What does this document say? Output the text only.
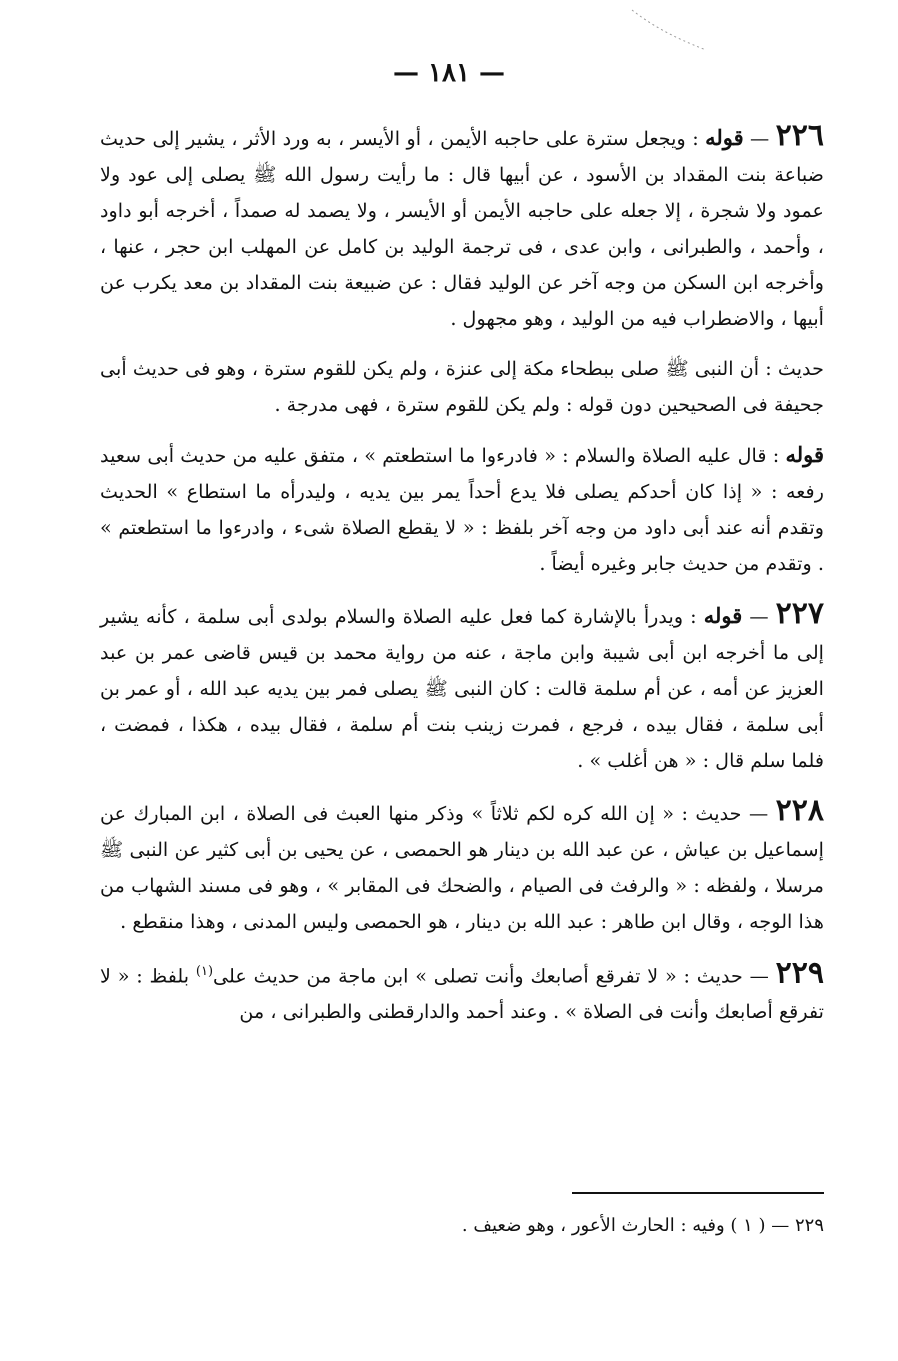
— ١٨١ —

٢٢٦ — قوله : ويجعل سترة على حاجبه الأيمن ، أو الأيسر ، به ورد الأثر ، يشير إلى حديث ضباعة بنت المقداد بن الأسود ، عن أبيها قال : ما رأيت رسول الله ﷺ يصلى إلى عود ولا عمود ولا شجرة ، إلا جعله على حاجبه الأيمن أو الأيسر ، ولا يصمد له صمداً ، أخرجه أبو داود ، وأحمد ، والطبرانى ، وابن عدى ، فى ترجمة الوليد بن كامل عن المهلب ابن حجر ، عنها ، وأخرجه ابن السكن من وجه آخر عن الوليد فقال : عن ضبيعة بنت المقداد بن معد يكرب عن أبيها ، والاضطراب فيه من الوليد ، وهو مجهول .

حديث : أن النبى ﷺ صلى ببطحاء مكة إلى عنزة ، ولم يكن للقوم سترة ، وهو فى حديث أبى جحيفة فى الصحيحين دون قوله : ولم يكن للقوم سترة ، فهى مدرجة .

قوله : قال عليه الصلاة والسلام : « فادرءوا ما استطعتم » ، متفق عليه من حديث أبى سعيد رفعه : « إذا كان أحدكم يصلى فلا يدع أحداً يمر بين يديه ، وليدرأه ما استطاع » الحديث وتقدم أنه عند أبى داود من وجه آخر بلفظ : « لا يقطع الصلاة شىء ، وادرءوا ما استطعتم » . وتقدم من حديث جابر وغيره أيضاً .

٢٢٧ — قوله : ويدرأ بالإشارة كما فعل عليه الصلاة والسلام بولدى أبى سلمة ، كأنه يشير إلى ما أخرجه ابن أبى شيبة وابن ماجة ، عنه من رواية محمد بن قيس قاضى عمر بن عبد العزيز عن أمه ، عن أم سلمة قالت : كان النبى ﷺ يصلى فمر بين يديه عبد الله ، أو عمر بن أبى سلمة ، فقال بيده ، فرجع ، فمرت زينب بنت أم سلمة ، فقال بيده ، هكذا ، فمضت ، فلما سلم قال : « هن أغلب » .

٢٢٨ — حديث : « إن الله كره لكم ثلاثاً » وذكر منها العبث فى الصلاة ، ابن المبارك عن إسماعيل بن عياش ، عن عبد الله بن دينار هو الحمصى ، عن يحيى بن أبى كثير عن النبى ﷺ مرسلا ، ولفظه : « والرفث فى الصيام ، والضحك فى المقابر » ، وهو فى مسند الشهاب من هذا الوجه ، وقال ابن طاهر : عبد الله بن دينار ، هو الحمصى وليس المدنى ، وهذا منقطع .

٢٢٩ — حديث : « لا تفرقع أصابعك وأنت تصلى » ابن ماجة من حديث على$^{(١)}$ بلفظ : « لا تفرقع أصابعك وأنت فى الصلاة » . وعند أحمد والدارقطنى والطبرانى ، من

٢٢٩ — ( ١ ) وفيه : الحارث الأعور ، وهو ضعيف .
